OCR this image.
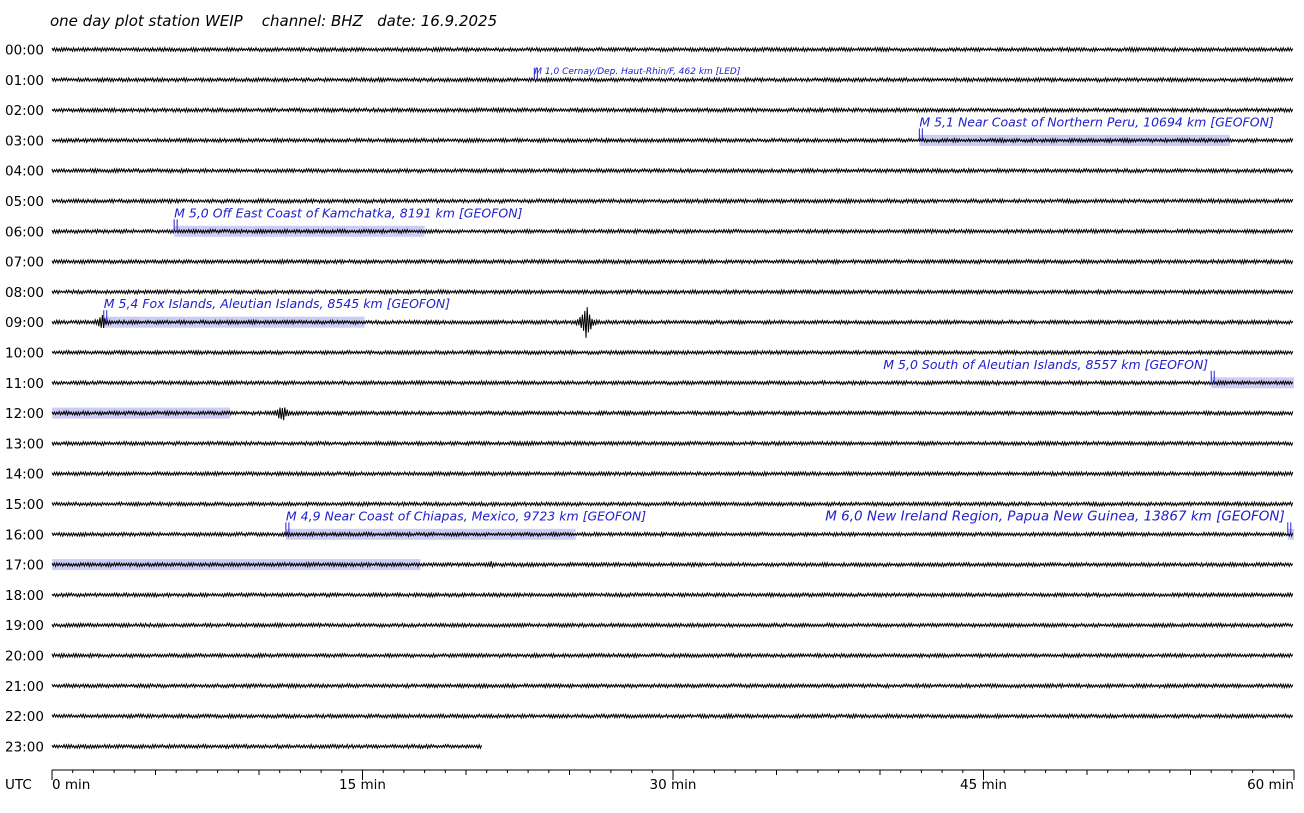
one day plot station WEIP    channel: BHZ   date: 16.9.2025
M 1,0 Cernay/Dep. Haut-Rhin/F, 462 km [LED]
M 5,1 Near Coast of Northern Peru, 10694 km [GEOFON]
M 5,0 Off East Coast of Kamchatka, 8191 km [GEOFON]
M 5,4 Fox Islands, Aleutian Islands, 8545 km [GEOFON]
M 5,0 South of Aleutian Islands, 8557 km [GEOFON]
M 4,9 Near Coast of Chiapas, Mexico, 9723 km [GEOFON]	M 6,0 New Ireland Region, Papua New Guinea, 13867 km [GEOFON]
00:00
01:00
02:00
03:00
04:00
05:00
06:00
07:00
08:00
09:00
10:00
11:00
12:00
13:00
14:00
15:00
16:00
17:00
18:00
19:00
20:00
21:00
22:00
23:00
0 min	15 min	30 min	45 min	60 min
UTC
